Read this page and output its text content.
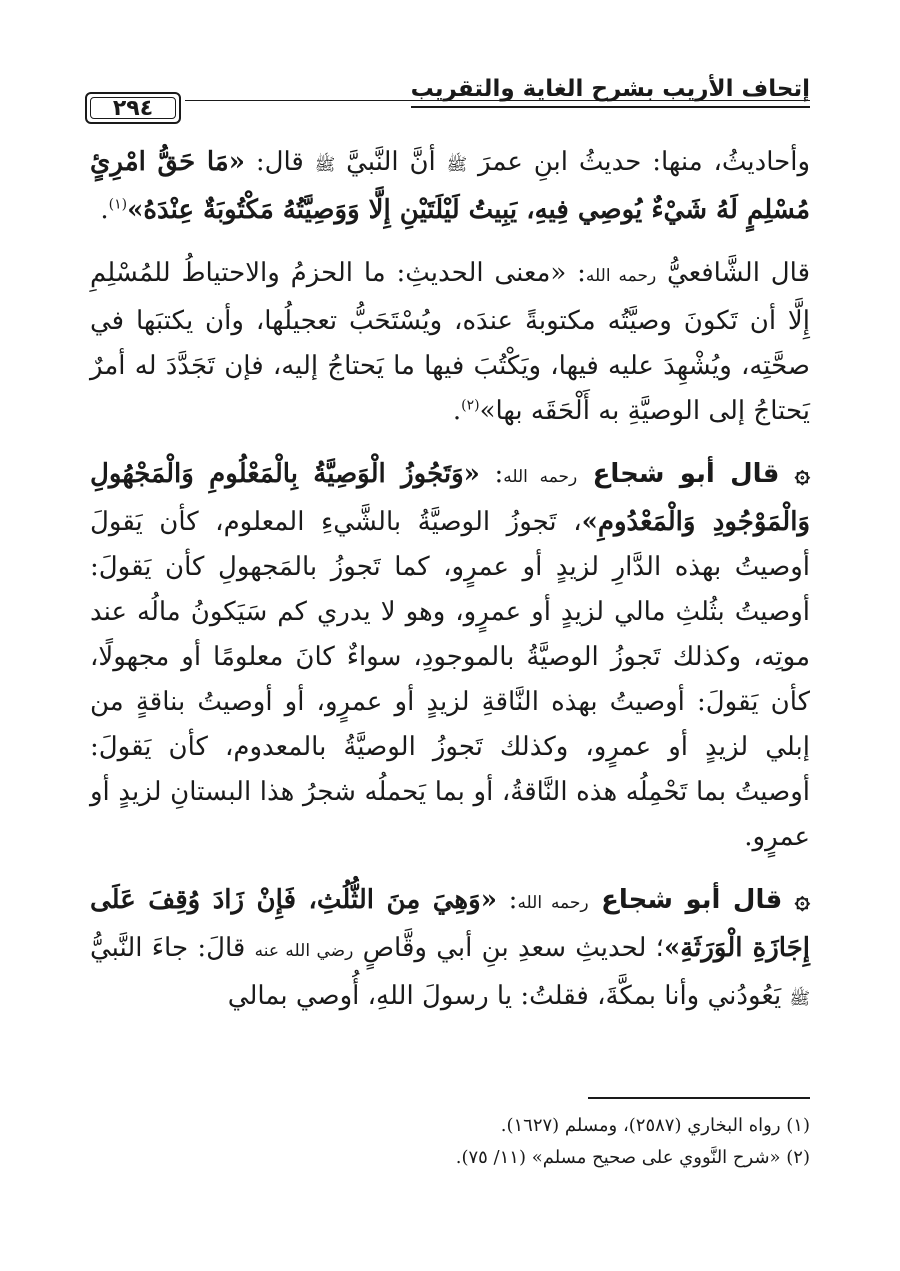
إتحاف الأريب بشرح الغاية والتقريب
٢٩٤

وأحاديثُ، منها: حديثُ ابنِ عمرَ ﷺ أنَّ النَّبيَّ ﷺ قال: «مَا حَقُّ امْرِئٍ مُسْلِمٍ لَهُ شَيْءٌ يُوصِي فِيهِ، يَبِيتُ لَيْلَتَيْنِ إِلَّا وَوَصِيَّتُهُ مَكْتُوبَةٌ عِنْدَهُ»$^{(١)}$.

قال الشَّافعيُّ رحمه الله: «معنى الحديثِ: ما الحزمُ والاحتياطُ للمُسْلِمِ إِلَّا أن تَكونَ وصيَّتُه مكتوبةً عندَه، ويُسْتَحَبُّ تعجيلُها، وأن يكتبَها في صحَّتِه، ويُشْهِدَ عليه فيها، ويَكْتُبَ فيها ما يَحتاجُ إليه، فإن تَجَدَّدَ له أمرٌ يَحتاجُ إلى الوصيَّةِ به أَلْحَقَه بها»$^{(٢)}$.

۞ قال أبو شجاع رحمه الله: «وَتَجُوزُ الْوَصِيَّةُ بِالْمَعْلُومِ وَالْمَجْهُولِ وَالْمَوْجُودِ وَالْمَعْدُومِ»، تَجوزُ الوصيَّةُ بالشَّيءِ المعلوم، كأن يَقولَ أوصيتُ بهذه الدَّارِ لزيدٍ أو عمرٍو، كما تَجوزُ بالمَجهولِ كأن يَقولَ: أوصيتُ بثُلثِ مالي لزيدٍ أو عمرٍو، وهو لا يدري كم سَيَكونُ مالُه عند موتِه، وكذلك تَجوزُ الوصيَّةُ بالموجودِ، سواءٌ كانَ معلومًا أو مجهولًا، كأن يَقولَ: أوصيتُ بهذه النَّاقةِ لزيدٍ أو عمرٍو، أو أوصيتُ بناقةٍ من إبلي لزيدٍ أو عمرٍو، وكذلك تَجوزُ الوصيَّةُ بالمعدوم، كأن يَقولَ: أوصيتُ بما تَحْمِلُه هذه النَّاقةُ، أو بما يَحملُه شجرُ هذا البستانِ لزيدٍ أو عمرٍو.

۞ قال أبو شجاع رحمه الله: «وَهِيَ مِنَ الثُّلُثِ، فَإِنْ زَادَ وُقِفَ عَلَى إِجَازَةِ الْوَرَثَةِ»؛ لحديثِ سعدِ بنِ أبي وقَّاصٍ رضي الله عنه قالَ: جاءَ النَّبيُّ ﷺ يَعُودُني وأنا بمكَّةَ، فقلتُ: يا رسولَ اللهِ، أُوصي بمالي

(١) رواه البخاري (٢٥٨٧)، ومسلم (١٦٢٧).

(٢) «شرح النَّووي على صحيح مسلم» (١١/ ٧٥).
